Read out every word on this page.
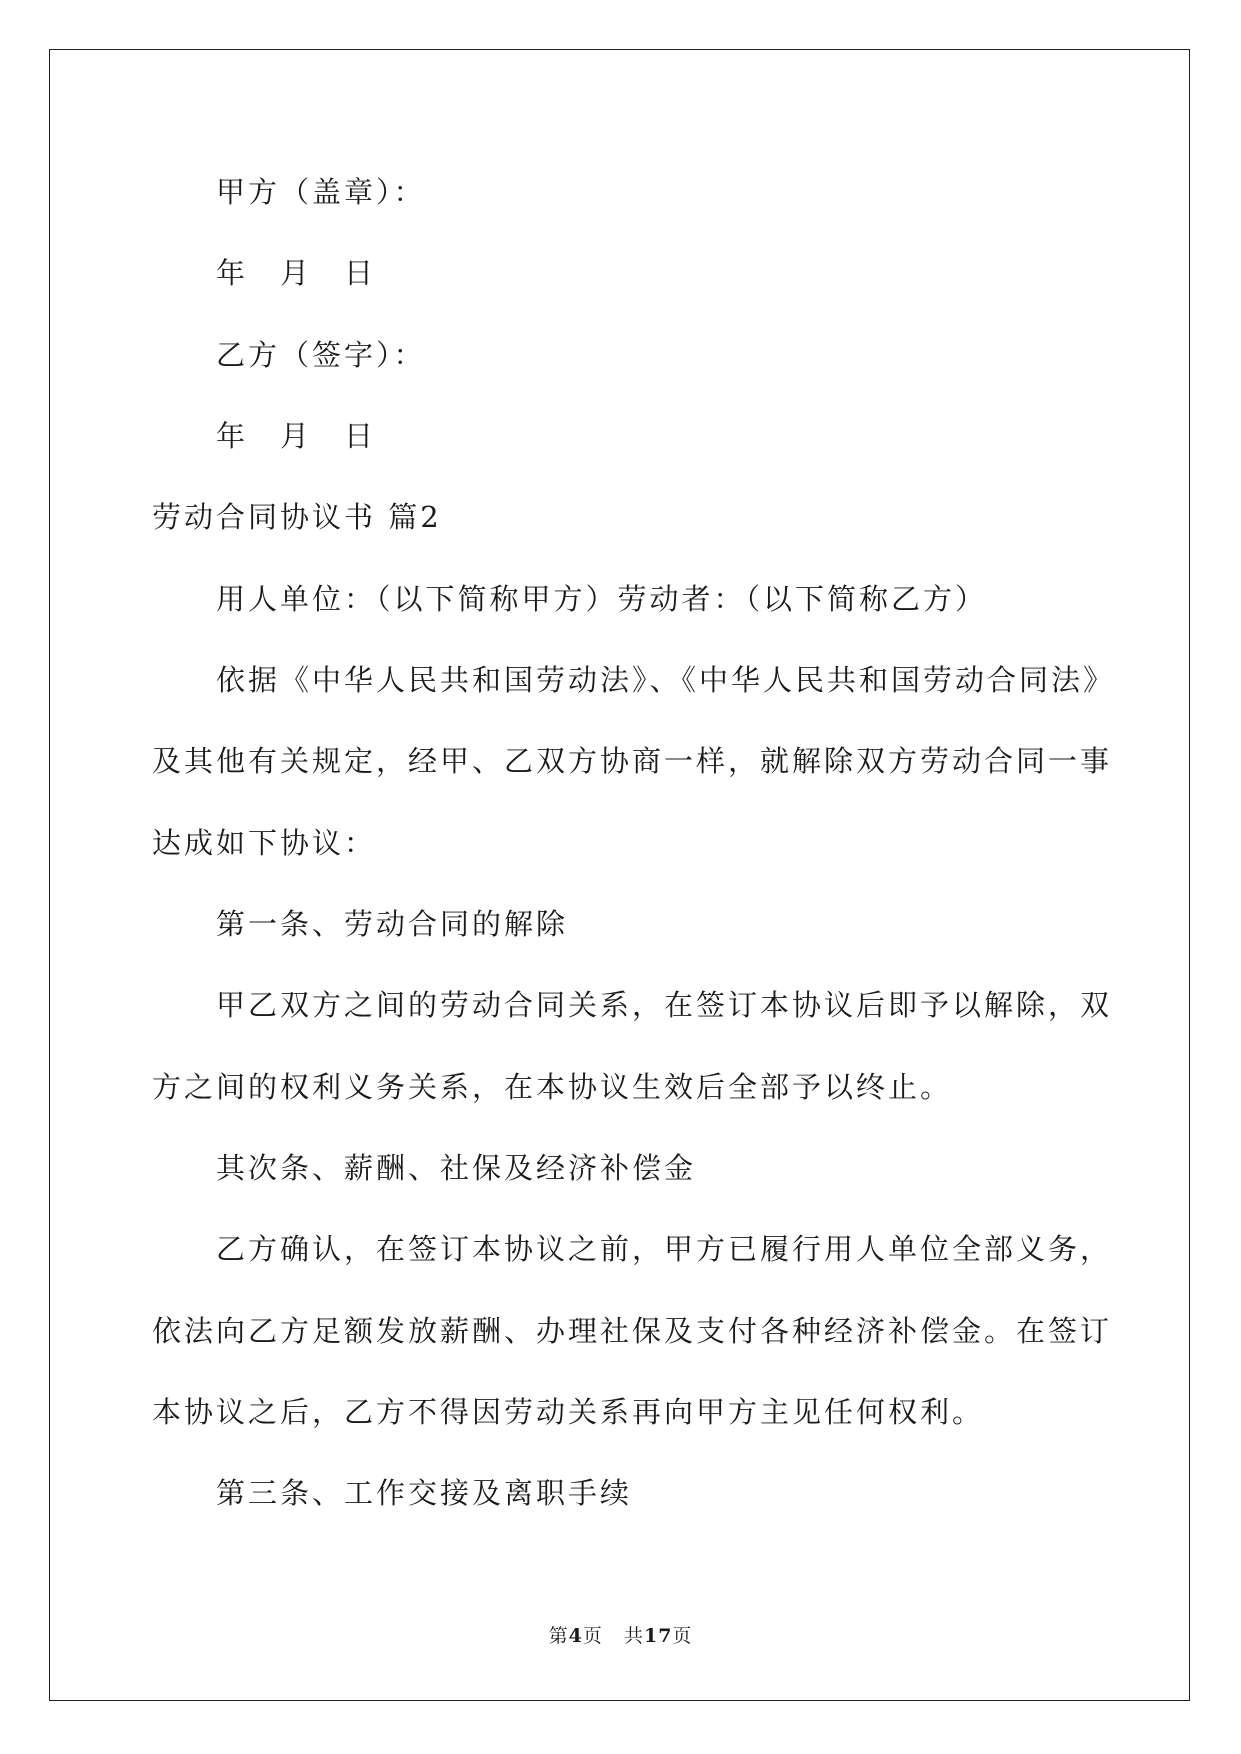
甲方（盖章）：
年　月　日
乙方（签字）：
年　月　日
劳动合同协议书 篇2
用人单位：（以下简称甲方）劳动者：（以下简称乙方）
依据《中华人民共和国劳动法》、《中华人民共和国劳动合同法》
及其他有关规定，经甲、乙双方协商一样，就解除双方劳动合同一事
达成如下协议：
第一条、劳动合同的解除
甲乙双方之间的劳动合同关系，在签订本协议后即予以解除，双
方之间的权利义务关系，在本协议生效后全部予以终止。
其次条、薪酬、社保及经济补偿金
乙方确认，在签订本协议之前，甲方已履行用人单位全部义务，
依法向乙方足额发放薪酬、办理社保及支付各种经济补偿金。在签订
本协议之后，乙方不得因劳动关系再向甲方主见任何权利。
第三条、工作交接及离职手续
第4页 共17页
